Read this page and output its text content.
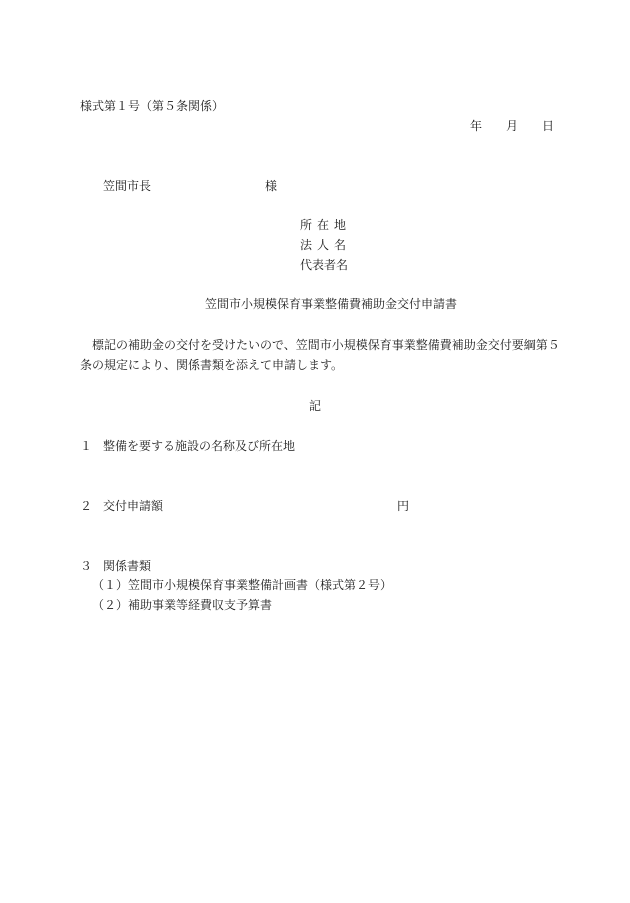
様式第１号（第５条関係）
年 月 日
笠間市長	様
所在地
法人名
代表者名
笠間市小規模保育事業整備費補助金交付申請書
標記の補助金の交付を受けたいので、笠間市小規模保育事業整備費補助金交付要綱第５条の規定により、関係書類を添えて申請します。
記
１ 整備を要する施設の名称及び所在地
２ 交付申請額	円
３ 関係書類
（１）笠間市小規模保育事業整備計画書（様式第２号）
（２）補助事業等経費収支予算書
